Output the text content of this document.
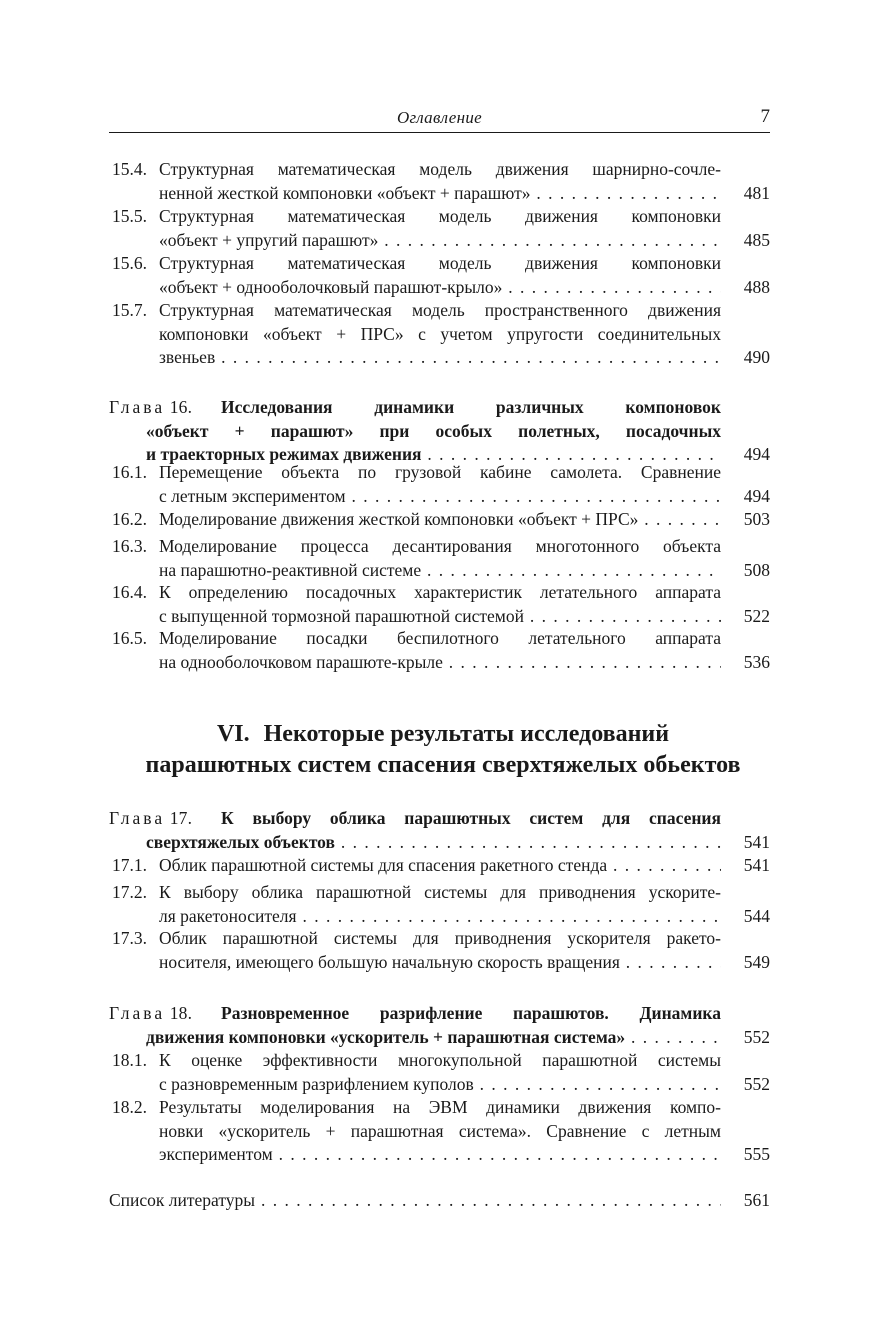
Оглавление	7
15.4. Структурная математическая модель движения шарнирно-сочле-
ненной жесткой компоновки «объект + парашют» . . .	481
15.5. Структурная математическая модель движения компоновки
«объект + упругий парашют» . . .	485
15.6. Структурная математическая модель движения компоновки
«объект + однооболочковый парашют-крыло» . . .	488
15.7. Структурная математическая модель пространственного движения
компоновки «объект + ПРС» с учетом упругости соединительных
звеньев . . .	490
Глава 16. Исследования динамики различных компоновок
«объект + парашют» при особых полетных, посадочных
и траекторных режимах движения . . .	494
16.1. Перемещение объекта по грузовой кабине самолета. Сравнение
с летным экспериментом . . .	494
16.2. Моделирование движения жесткой компоновки «объект + ПРС» . . .	503
16.3. Моделирование процесса десантирования многотонного объекта
на парашютно-реактивной системе . . .	508
16.4. К определению посадочных характеристик летательного аппарата
с выпущенной тормозной парашютной системой . . .	522
16.5. Моделирование посадки беспилотного летательного аппарата
на однооболочковом парашюте-крыле . . .	536
VI. Некоторые результаты исследований
парашютных систем спасения сверхтяжелых обьектов
Глава 17. К выбору облика парашютных систем для спасения
сверхтяжелых объектов . . .	541
17.1. Облик парашютной системы для спасения ракетного стенда . . .	541
17.2. К выбору облика парашютной системы для приводнения ускорите-
ля ракетоносителя . . .	544
17.3. Облик парашютной системы для приводнения ускорителя ракето-
носителя, имеющего большую начальную скорость вращения . . .	549
Глава 18. Разновременное разрифление парашютов. Динамика
движения компоновки «ускоритель + парашютная система» . . .	552
18.1. К оценке эффективности многокупольной парашютной системы
с разновременным разрифлением куполов . . .	552
18.2. Результаты моделирования на ЭВМ динамики движения компо-
новки «ускоритель + парашютная система». Сравнение с летным
экспериментом . . .	555
Список литературы . . .	561
